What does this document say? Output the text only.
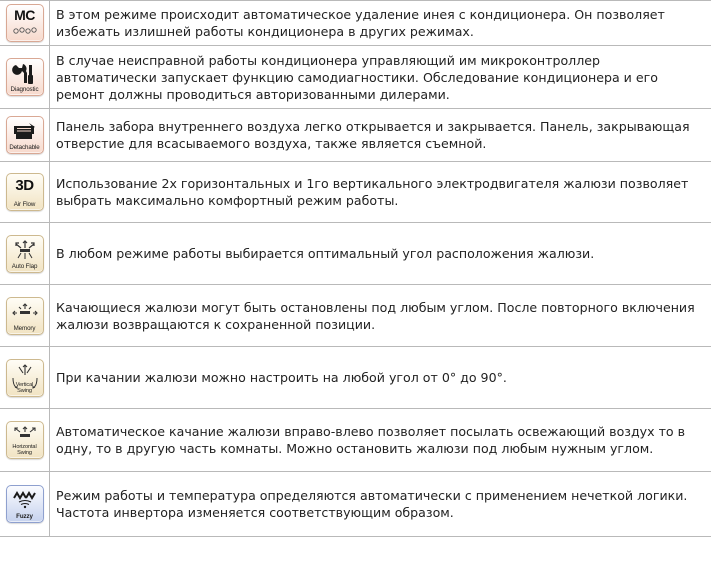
MC	В этом режиме происходит автоматическое удаление инея с кондиционера. Он позволяет избежать излишней работы кондиционера в других режимах.

Diagnostic	В случае неисправной работы кондиционера управляющий им микроконтроллер автоматически запускает функцию самодиагностики. Обследование кондиционера и его ремонт должны проводиться авторизованными дилерами.

Detachable	Панель забора внутреннего воздуха легко открывается и закрывается. Панель, закрывающая отверстие для всасываемого воздуха, также является съемной.

3D
Air Flow	Использование 2х горизонтальных и 1го вертикального электродвигателя жалюзи позволяет выбрать максимально комфортный режим работы.

Auto Flap	В любом режиме работы выбирается оптимальный угол расположения жалюзи.

Memory	Качающиеся жалюзи могут быть остановлены под любым углом. После повторного включения жалюзи возвращаются к сохраненной позиции.

Vertical
Swing	При качании жалюзи можно настроить на любой угол от 0° до 90°.

Horizontal
Swing	Автоматическое качание жалюзи вправо-влево позволяет посылать освежающий воздух то в одну, то в другую часть комнаты. Можно остановить жалюзи под любым нужным углом.

Fuzzy	Режим работы и температура определяются автоматически с применением нечеткой логики. Частота инвертора изменяется соответствующим образом.
